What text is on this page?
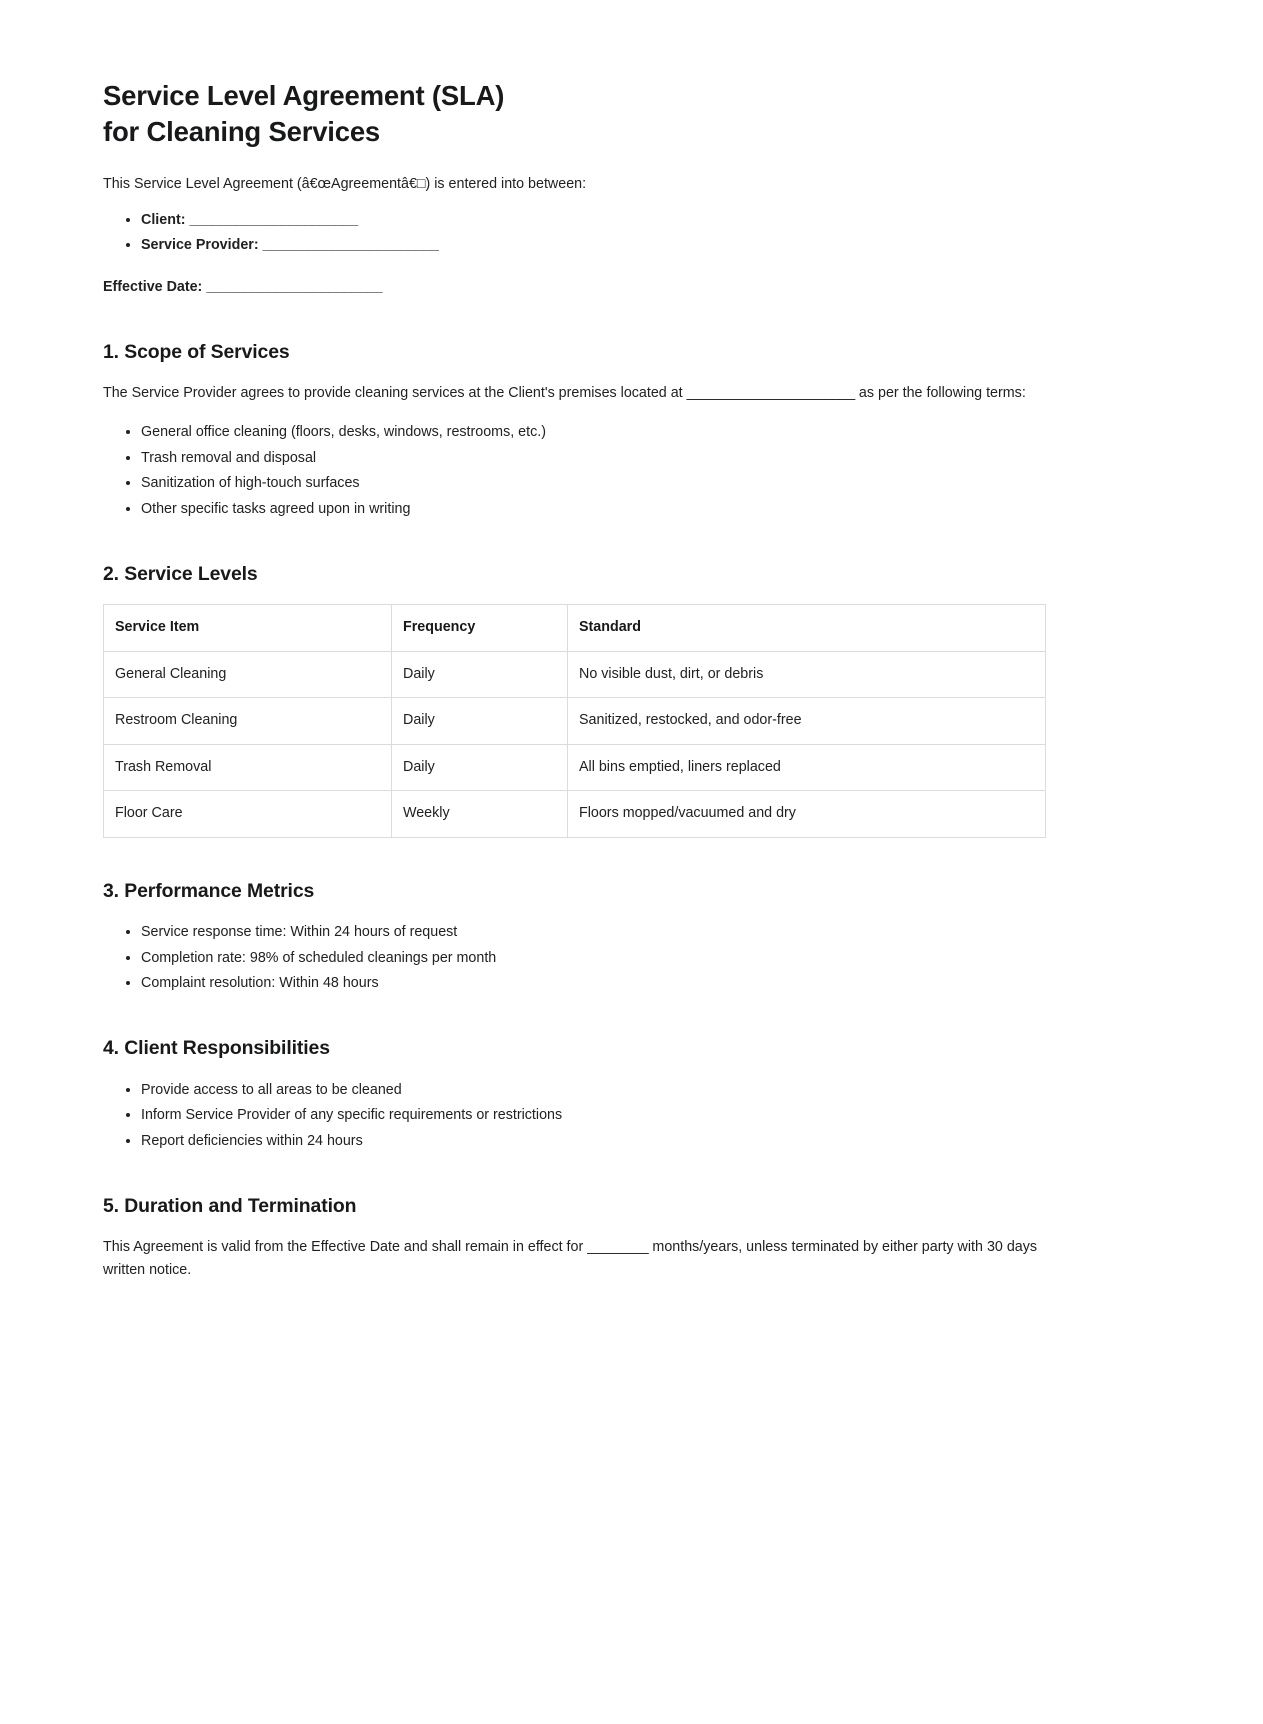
Service Level Agreement (SLA)
for Cleaning Services

This Service Level Agreement (â€œAgreementâ€□) is entered into between:

• Client: ______________________
• Service Provider: _______________________

Effective Date: _______________________

1. Scope of Services

The Service Provider agrees to provide cleaning services at the Client's premises located at ______________________ as per the following terms:

• General office cleaning (floors, desks, windows, restrooms, etc.)
• Trash removal and disposal
• Sanitization of high-touch surfaces
• Other specific tasks agreed upon in writing
2. Service Levels
Service Item	Frequency	Standard
General Cleaning	Daily	No visible dust, dirt, or debris
Restroom Cleaning	Daily	Sanitized, restocked, and odor-free
Trash Removal	Daily	All bins emptied, liners replaced
Floor Care	Weekly	Floors mopped/vacuumed and dry
3. Performance Metrics
• Service response time: Within 24 hours of request
• Completion rate: 98% of scheduled cleanings per month
• Complaint resolution: Within 48 hours
4. Client Responsibilities
• Provide access to all areas to be cleaned
• Inform Service Provider of any specific requirements or restrictions
• Report deficiencies within 24 hours
5. Duration and Termination

This Agreement is valid from the Effective Date and shall remain in effect for ________ months/years, unless terminated by either party with 30 days written notice.
